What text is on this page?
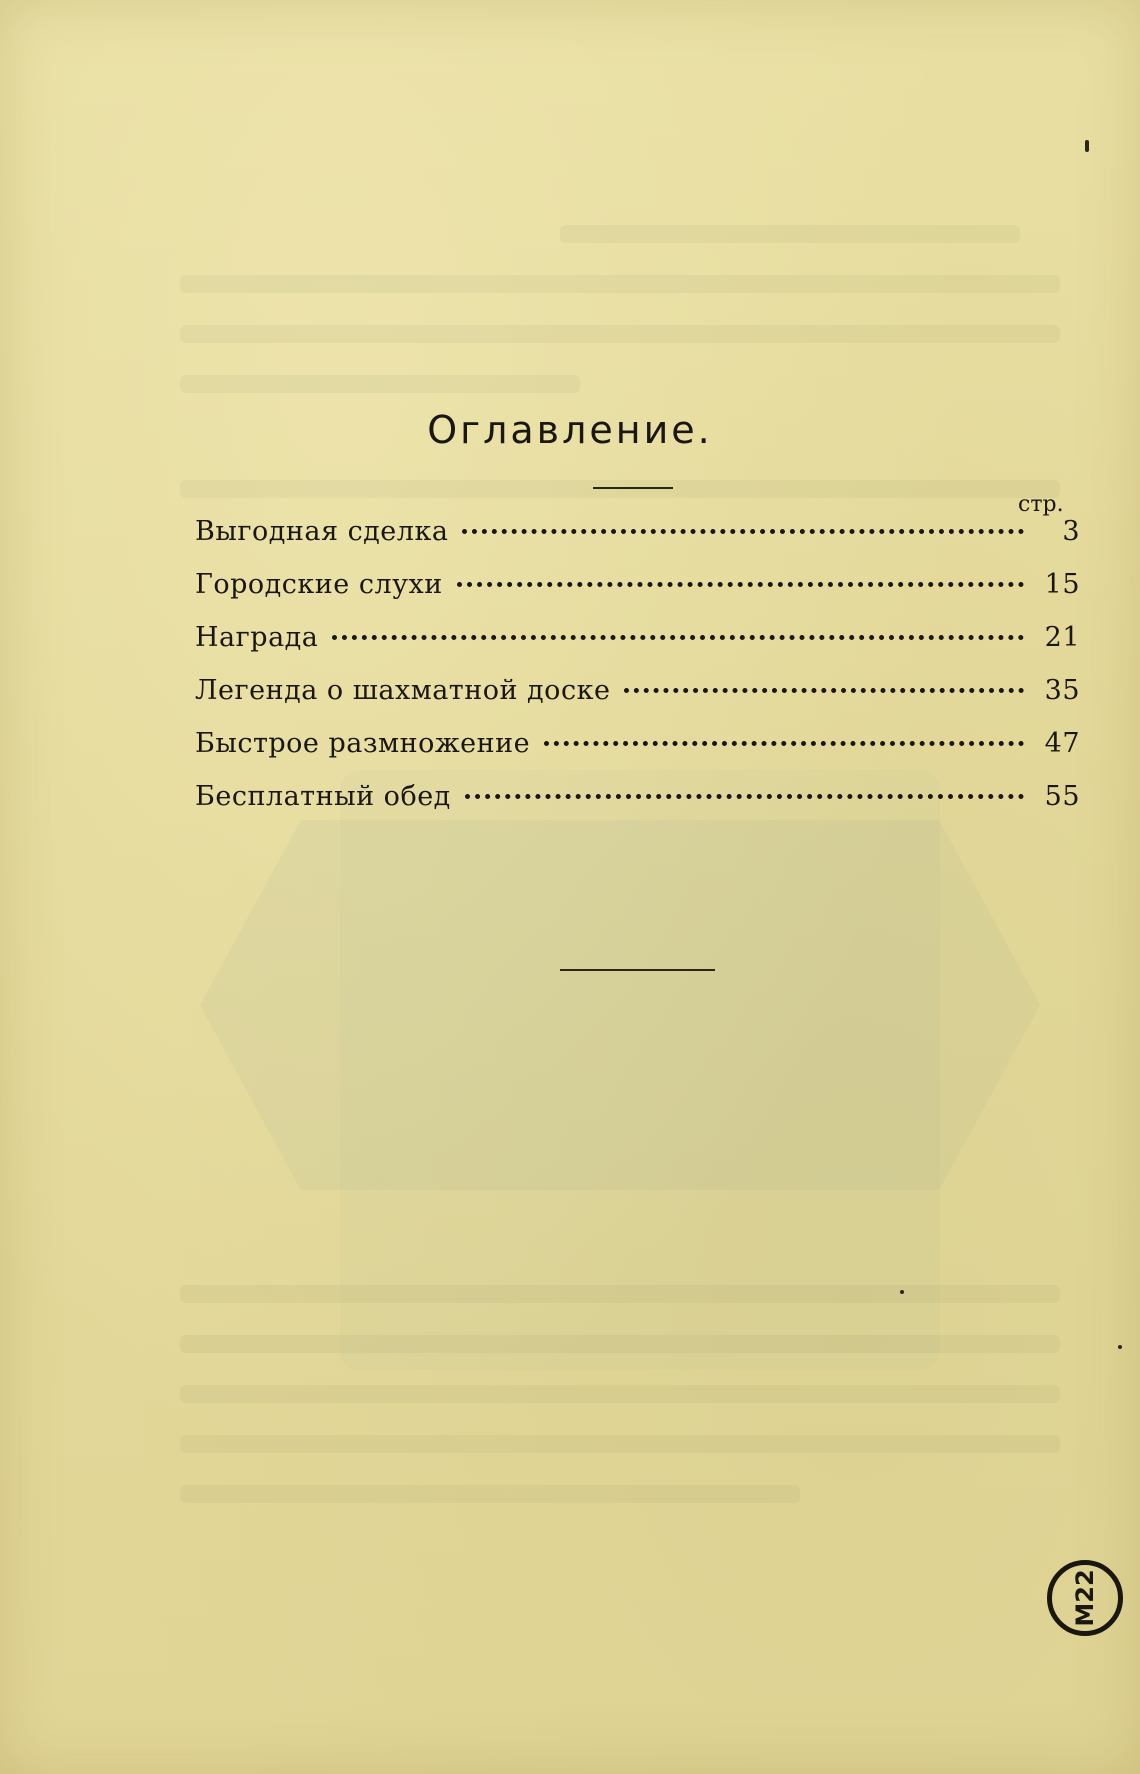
Оглавление.
стр.
Выгодная сделка	3
Городские слухи	15
Награда	21
Легенда о шахматной доске	35
Быстрое размножение	47
Бесплатный обед	55
М22
